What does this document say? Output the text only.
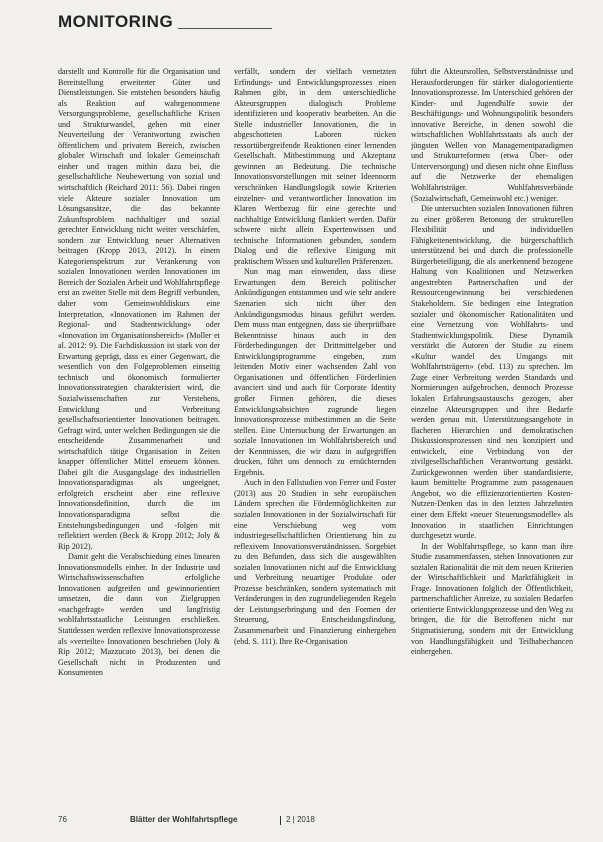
MONITORING

darstellt und Kontrolle für die Organisation und Bereitstellung erweiterter Güter und Dienstleistungen. Sie entstehen besonders häufig als Reaktion auf wahrgenommene Versorgungsprobleme, gesellschaftliche Krisen und Strukturwandel, gehen mit einer Neuverteilung der Verantwortung zwischen öffentlichem und privatem Bereich, zwischen globaler Wirtschaft und lokaler Gemeinschaft einher und tragen mithin dazu bei, die gesellschaftliche Neubewertung von sozial und wirtschaftlich (Reichard 2011: 56). Dabei ringen viele Akteure sozialer Innovation um Lösungsansätze, die das bekannte Zukunftsproblem nachhaltiger und sozial gerechter Entwicklung nicht weiter verschärfen, sondern zur Entwicklung neuer Alternativen beitragen (Kropp 2013, 2012). In einem Kategorienspektrum zur Verankerung von sozialen Innovationen werden Innovationen im Bereich der Sozialen Arbeit und Wohlfahrtspflege erst an zweiter Stelle mit dem Begriff verbunden, daher vom Gemeinwohldiskurs eine Interpretation, «Innovationen im Rahmen der Regional- und Stadtentwicklung» oder «Innovation im Organisationsbereich» (Moller et al. 2012: 9). Die Fachdiskussion ist stark von der Erwartung geprägt, dass es einer Gegenwart, die wesentlich von den Folgeproblemen einseitig technisch und ökonomisch formulierter Innovationsstrategien charakterisiert wird, die Sozialwissenschaften zur Verstehens, Entwicklung und Verbreitung gesellschaftsorientierter Innovationen beitragen. Gefragt wird, unter welchen Bedingungen sie die entscheidende Zusammenarbeit und wirtschaftlich tätige Organisation in Zeiten knapper öffentlicher Mittel erneuern können. Dabei gilt die Ausgangslage des industriellen Innovationsparadigmas als ungeeignet, erfolgreich erscheint aber eine reflexive Innovationsdefinition, durch die im Innovationsparadigma selbst die Entstehungsbedingungen und -folgen mit reflektiert werden (Beck & Kropp 2012; Joly & Rip 2012).

Damit geht die Verabschiedung eines linearen Innovationsmodells einher. In der Industrie und Wirtschaftswissenschaften erfolgliche Innovationen aufgreifen und gewinnorientiert umsetzen, die dann von Zielgruppen «nachgefragt» werden und langfristig wohlfahrtsstaatliche Leistungen erschließen. Stattdessen werden reflexive Innovationsprozesse als «verteilte» Innovationen beschrieben (Joly & Rip 2012; Mazzucato 2013), bei denen die Gesellschaft nicht in Produzenten und Konsumenten

verfällt, sondern der vielfach vernetzten Erfindungs- und Entwicklungsprozesses einen Rahmen gibt, in dem unterschiedliche Akteursgruppen dialogisch Probleme identifizieren und kooperativ bearbeiten. An die Stelle industrieller Innovationen, die in abgeschotteten Laboren rücken ressortübergreifende Reaktionen einer lernenden Gesellschaft. Mitbestimmung und Akzeptanz gewinnen an Bedeutung. Die technische Innovationsvorstellungen mit seiner Ideennorm verschränken Handlungslogik sowie Kriterien einzelner- und verantwortlicher Innovation im Klaren Wertbezug für eine gerechte und nachhaltige Entwicklung flankiert werden. Dafür schwere nicht allein Expertenwissen und technische Informationen gebunden, sondern Dialog und die reflexive Einigung mit praktischem Wissen und kulturellen Präferenzen.

Nun mag man einwenden, dass diese Erwartungen dem Bereich politischer Ankündigungen entstammen und wie sehr andere Szenarien sich nicht über den Ankündigungsmodus hinaus geführt werden. Dem muss man entgegnen, dass sie überprüfbare Bekenntnisse hinaus auch in den Förderbedingungen der Drittmittelgeber und Entwicklungsprogramme eingeben, zum leitenden Motiv einer wachsenden Zahl von Organisationen und öffentlichen Förderlinien avanciert sind und auch für Corporate Identity großer Firmen gehören, die dieses Entwicklungsabsichten zugrunde liegen Innovationsprozesse mitbestimmen an die Seite stellen. Eine Untersuchung der Erwartungen an soziale Innovationen im Wohlfahrtsbereich und der Kenntnissen, die wir dazu in aufgegriffen drucken, führt uns dennoch zu ernüchternden Ergebnis.

Auch in den Fallstudien von Ferrer und Foster (2013) aus 20 Studien in sehr europäischen Ländern sprechen die Fördermöglichkeiten zur sozialen Innovationen in der Sozialwirtschaft für eine Verschiebung weg vom industriegesellschaftlichen Orientierung hin zu reflexivem Innovationsverständnissen. Sorgebiet zu den Befunden, dass sich die ausgewählten sozialen Innovationen nicht auf die Entwicklung und Verbreitung neuartiger Produkte oder Prozesse beschränken, sondern systematisch mit Veränderungen in den zugrundeliegenden Regeln der Leistungserbringung und den Formen der Steuerung, Entscheidungsfindung, Zusammenarbeit und Finanzierung einhergehen (ebd. S. 111). Ihre Re-Organisation

führt die Akteursrollen, Selbstverständnisse und Herausforderungen für stärker dialogorientierte Innovationsprozesse. Im Unterschied gehören der Kinder- und Jugendhilfe sowie der Beschäftigungs- und Wohnungspolitik besonders innovative Bereiche, in denen sowohl die wirtschaftlichen Wohlfahrtsstaats als auch der jüngsten Wellen von Managementparadigmen und Strukturreformen (etwa Über- oder Unterversorgung) und diesen nicht ohne Einfluss auf die Netzwerke der ehemaligen Wohlfahrtsträger. Wohlfahrtsverbände (Sozialwirtschaft, Gemeinwohl etc.) weniger.

Die untersuchten sozialen Innovationen führen zu einer größeren Betonung der strukturellen Flexibilität und individuellen Fähigkeitenentwicklung, die bürgerschaftlich unterstützend bei und durch die professionelle Bürgerbeteiligung, die als anerkennend bezogene Haltung von Koalitionen und Netzwerken angestrebten Partnerschaften und der Ressourcengewinnung bei verschiedenen Stakeholdern. Sie bedingen eine Integration sozialer und ökonomischer Rationalitäten und eine Vernetzung von Wohlfahrts- und Stadtentwicklungspolitik. Diese Dynamik verstärkt die Autoren der Studie zu einem «Kultur wandel des Umgangs mit Wohlfahrtsträgern» (ebd. 113) zu sprechen. Im Zuge einer Verbreitung werden Standards und Normierungen aufgebrochen, dennoch Prozesse lokalen Erfahrungsaustauschs gezogen, aber einzelne Akteursgruppen und ihre Bedarfe werden genau mit. Unterstützungsangebote in flacheren Hierarchien und demokratischen Diskussionsprozessen sind neu konzipiert und entwickelt, eine Verbindung von der zivilgesellschaftlichen Verantwortung gestärkt. Zurückgewonnen werden über standardisierte, kaum bemittelte Programme zum passgenauen Angebot, wo die effizienzorientierten Kosten-Nutzen-Denken das in den letzten Jahrzehnten einer dem Effekt «neuer Steuerungsmodelle» als Innovation in staatlichen Einrichtungen durchgesetzt wurde.

In der Wohlfahrtspflege, so kann man ihre Studie zusammenfassen, stehen Innovationen zur sozialen Rationalität die mit dem neuen Kriterien der Wirtschaftlichkeit und Marktfähigkeit in Frage. Innovationen folglich der Öffentlichkeit, partnerschaftlicher Anreize, zu sozialen Bedarfen orientierte Entwicklungsprozesse und den Weg zu bringen, die für die Betroffenen nicht nur Stigmatisierung, sondern mit der Entwicklung von Handlungsfähigkeit und Teilhabechancen einhergehen.

76	Blätter der Wohlfahrtspflege	2 | 2018
